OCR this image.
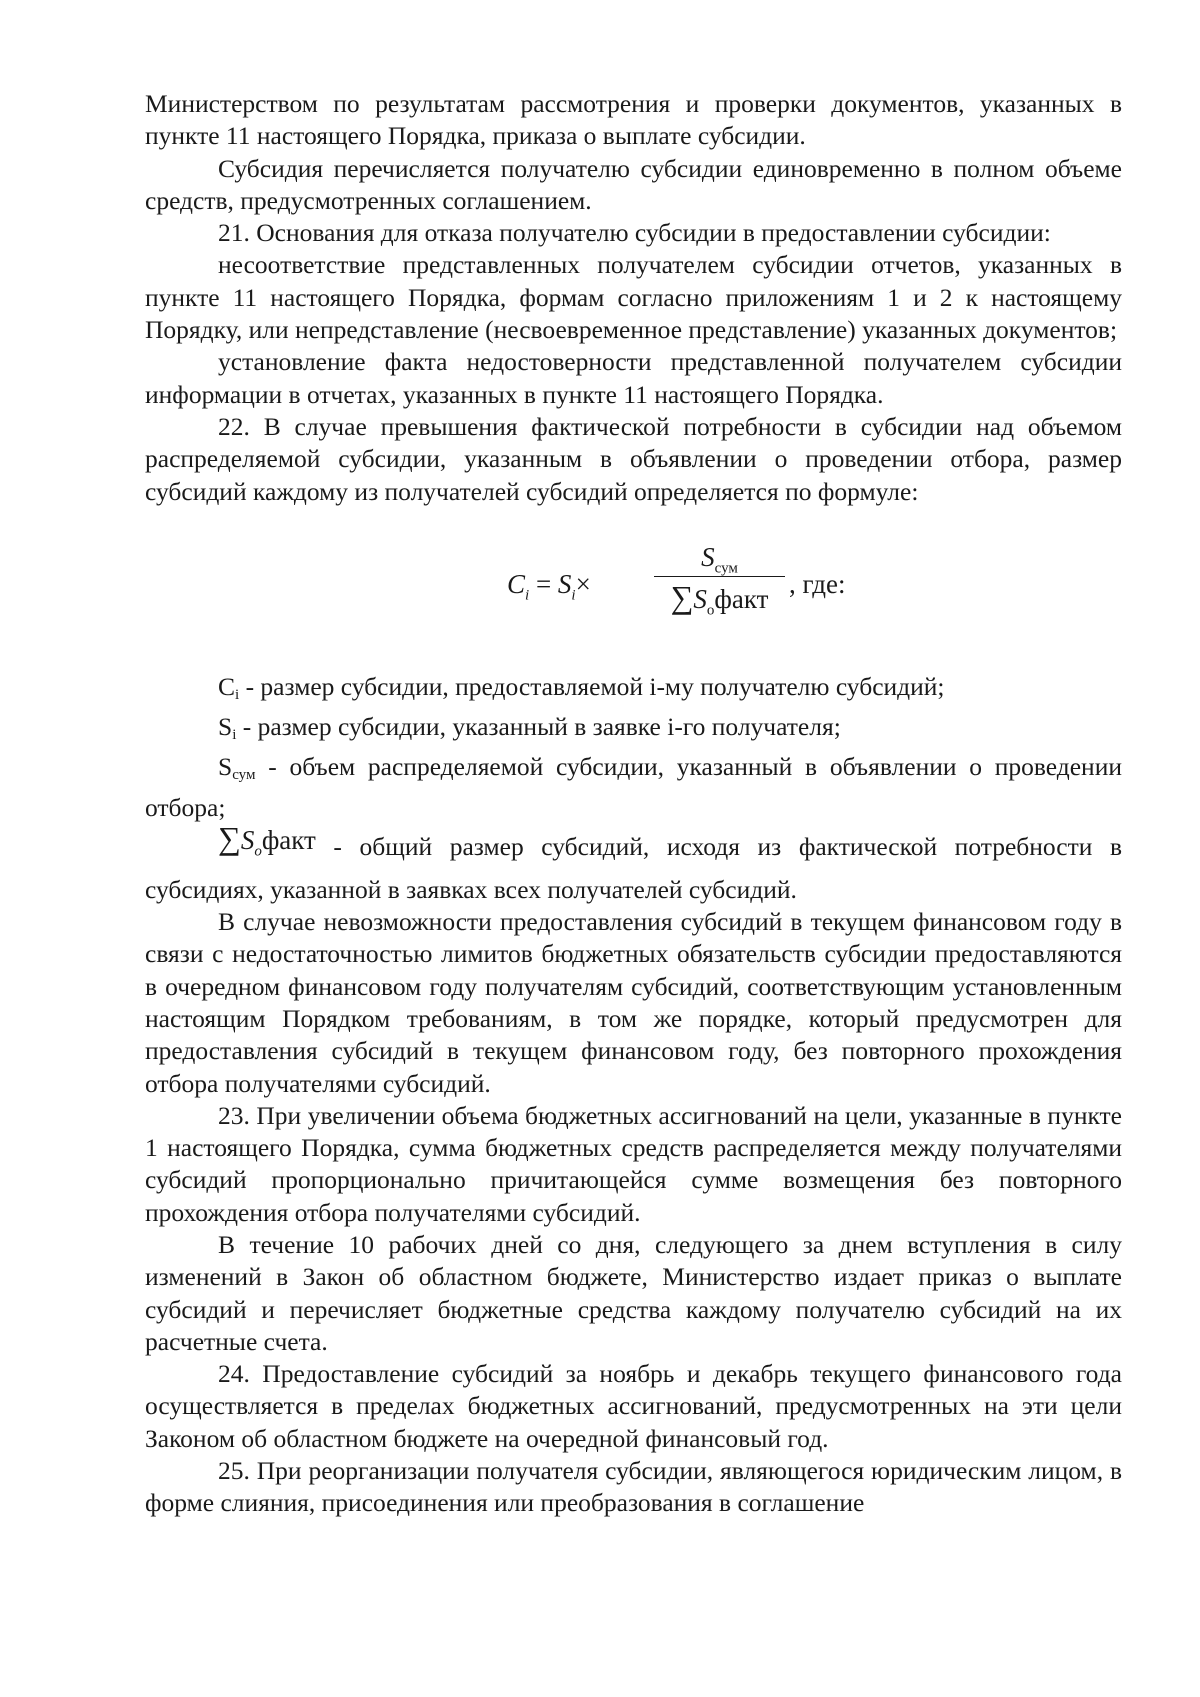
Министерством по результатам рассмотрения и проверки документов, указанных в пункте 11 настоящего Порядка, приказа о выплате субсидии.

Субсидия перечисляется получателю субсидии единовременно в полном объеме средств, предусмотренных соглашением.

21. Основания для отказа получателю субсидии в предоставлении субсидии:

несоответствие представленных получателем субсидии отчетов, указанных в пункте 11 настоящего Порядка, формам согласно приложениям 1 и 2 к настоящему Порядку, или непредставление (несвоевременное представление) указанных документов;

установление факта недостоверности представленной получателем субсидии информации в отчетах, указанных в пункте 11 настоящего Порядка.

22. В случае превышения фактической потребности в субсидии над объемом распределяемой субсидии, указанным в объявлении о проведении отбора, размер субсидий каждому из получателей субсидий определяется по формуле:

$C_i = S_i\times$
$S_{сум}$
$\sum S_офакт$ , где:

Ci - размер субсидии, предоставляемой i-му получателю субсидий;

Si - размер субсидии, указанный в заявке i-го получателя;

Sсум - объем распределяемой субсидии, указанный в объявлении о проведении отбора;

$\sum S_офакт$ - общий размер субсидий, исходя из фактической потребности в субсидиях, указанной в заявках всех получателей субсидий.

В случае невозможности предоставления субсидий в текущем финансовом году в связи с недостаточностью лимитов бюджетных обязательств субсидии предоставляются в очередном финансовом году получателям субсидий, соответствующим установленным настоящим Порядком требованиям, в том же порядке, который предусмотрен для предоставления субсидий в текущем финансовом году, без повторного прохождения отбора получателями субсидий.

23. При увеличении объема бюджетных ассигнований на цели, указанные в пункте 1 настоящего Порядка, сумма бюджетных средств распределяется между получателями субсидий пропорционально причитающейся сумме возмещения без повторного прохождения отбора получателями субсидий.

В течение 10 рабочих дней со дня, следующего за днем вступления в силу изменений в Закон об областном бюджете, Министерство издает приказ о выплате субсидий и перечисляет бюджетные средства каждому получателю субсидий на их расчетные счета.

24. Предоставление субсидий за ноябрь и декабрь текущего финансового года осуществляется в пределах бюджетных ассигнований, предусмотренных на эти цели Законом об областном бюджете на очередной финансовый год.

25. При реорганизации получателя субсидии, являющегося юридическим лицом, в форме слияния, присоединения или преобразования в соглашение
